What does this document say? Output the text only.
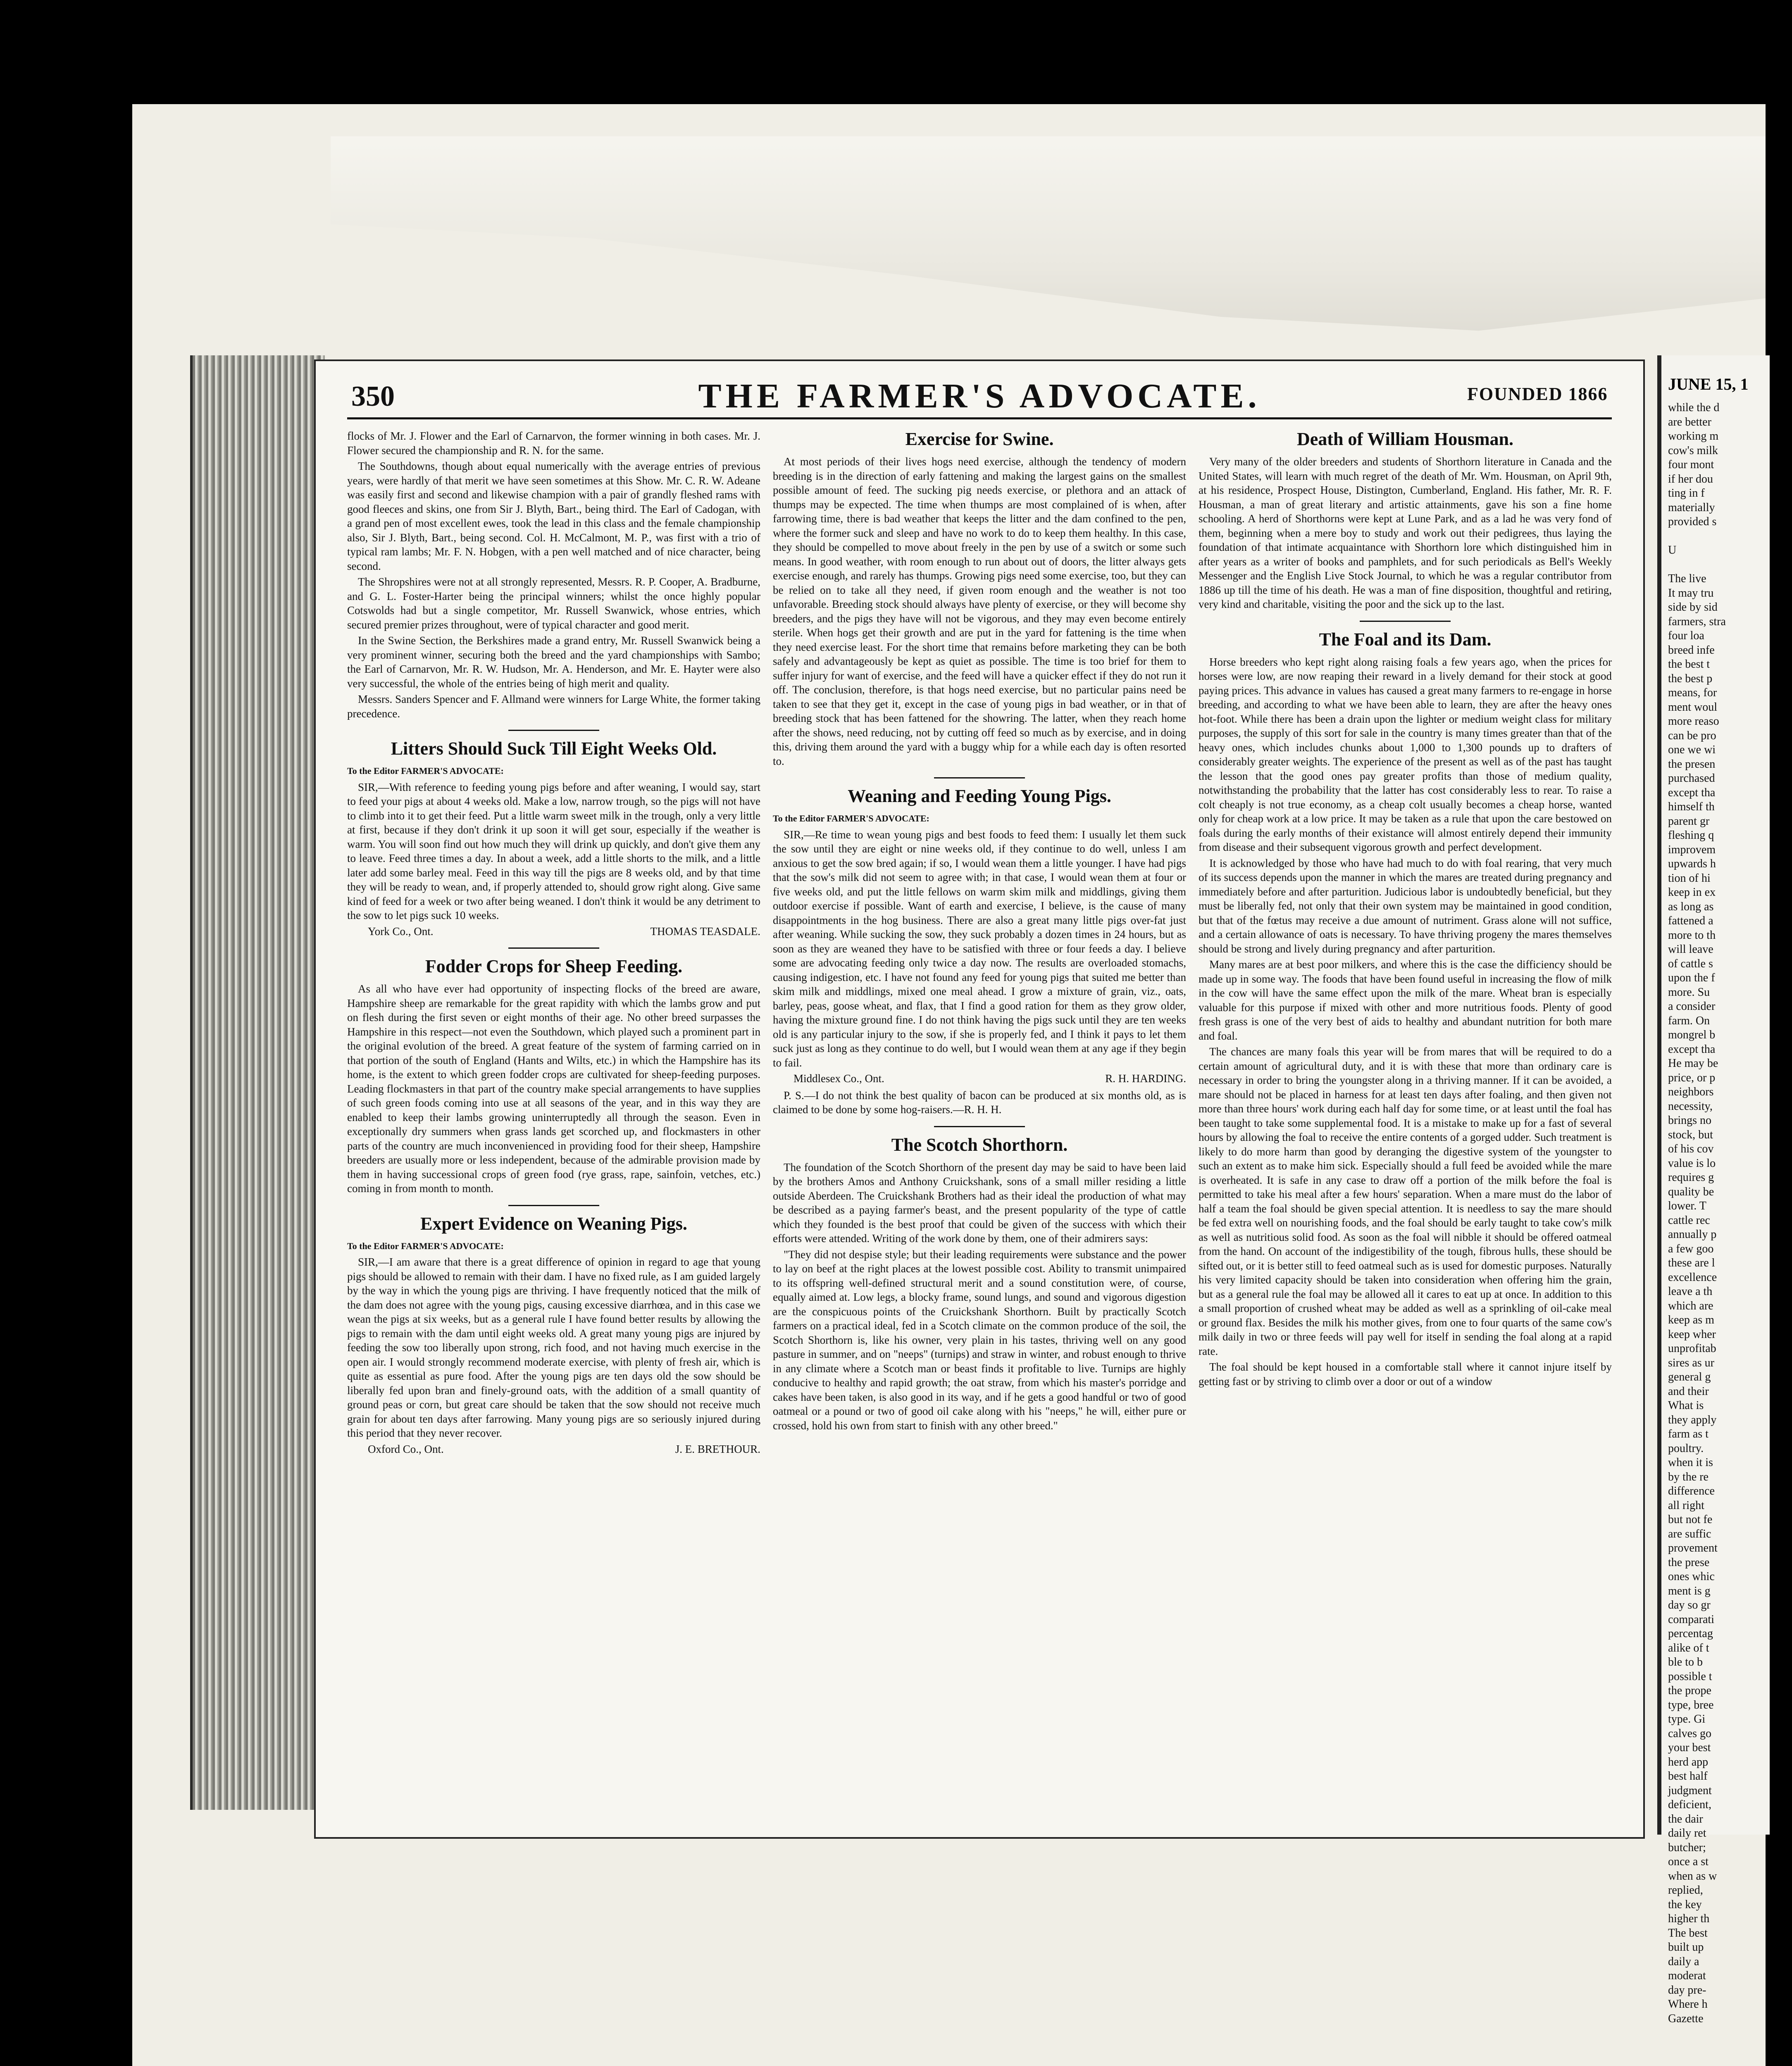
JUNE 15, 1
while the d
are better
working m
cow's milk
four mont
if her dou
ting in f
materially
provided s

U

The live
It may tru
side by sid
farmers, stra
four loa
breed infe
the best t
the best p
means, for
ment woul
more reaso
can be pro
one we wi
the presen
purchased
except tha
himself th
parent gr
fleshing q
improvem
upwards h
tion of hi
keep in ex
as long as
fattened a
more to th
will leave
of cattle s
upon the f
more. Su
a consider
farm. On
mongrel b
except tha
He may be
price, or p
neighbors
necessity,
brings no
stock, but
of his cov
value is lo
requires g
quality be
lower. T
cattle rec
annually p
a few goo
these are l
excellence
leave a th
which are
keep as m
keep wher
unprofitab
sires as ur
general g
and their
What is
they apply
farm as t
poultry.
when it is
by the re
difference
all right
but not fe
are suffic
provement
the prese
ones whic
ment is g
day so gr
comparati
percentag
alike of t
ble to b
possible t
the prope
type, bree
type. Gi
calves go
your best
herd app
best half
judgment
deficient,
the dair
daily ret
butcher;
once a st
when as w
replied,
the key
higher th
The best
built up
daily a
moderat
day pre-
Where h
Gazette
350	THE FARMER'S ADVOCATE.	FOUNDED 1866

flocks of Mr. J. Flower and the Earl of Carnarvon, the former winning in both cases. Mr. J. Flower secured the championship and R. N. for the same.

The Southdowns, though about equal numerically with the average entries of previous years, were hardly of that merit we have seen sometimes at this Show. Mr. C. R. W. Adeane was easily first and second and likewise champion with a pair of grandly fleshed rams with good fleeces and skins, one from Sir J. Blyth, Bart., being third. The Earl of Cadogan, with a grand pen of most excellent ewes, took the lead in this class and the female championship also, Sir J. Blyth, Bart., being second. Col. H. McCalmont, M. P., was first with a trio of typical ram lambs; Mr. F. N. Hobgen, with a pen well matched and of nice character, being second.

The Shropshires were not at all strongly represented, Messrs. R. P. Cooper, A. Bradburne, and G. L. Foster-Harter being the principal winners; whilst the once highly popular Cotswolds had but a single competitor, Mr. Russell Swanwick, whose entries, which secured premier prizes throughout, were of typical character and good merit.

In the Swine Section, the Berkshires made a grand entry, Mr. Russell Swanwick being a very prominent winner, securing both the breed and the yard championships with Sambo; the Earl of Carnarvon, Mr. R. W. Hudson, Mr. A. Henderson, and Mr. E. Hayter were also very successful, the whole of the entries being of high merit and quality.

Messrs. Sanders Spencer and F. Allmand were winners for Large White, the former taking precedence.

Litters Should Suck Till Eight Weeks Old.

To the Editor FARMER'S ADVOCATE:

SIR,—With reference to feeding young pigs before and after weaning, I would say, start to feed your pigs at about 4 weeks old. Make a low, narrow trough, so the pigs will not have to climb into it to get their feed. Put a little warm sweet milk in the trough, only a very little at first, because if they don't drink it up soon it will get sour, especially if the weather is warm. You will soon find out how much they will drink up quickly, and don't give them any to leave. Feed three times a day. In about a week, add a little shorts to the milk, and a little later add some barley meal. Feed in this way till the pigs are 8 weeks old, and by that time they will be ready to wean, and, if properly attended to, should grow right along. Give same kind of feed for a week or two after being weaned. I don't think it would be any detriment to the sow to let pigs suck 10 weeks.

York Co., Ont.	THOMAS TEASDALE.
Fodder Crops for Sheep Feeding.

As all who have ever had opportunity of inspecting flocks of the breed are aware, Hampshire sheep are remarkable for the great rapidity with which the lambs grow and put on flesh during the first seven or eight months of their age. No other breed surpasses the Hampshire in this respect—not even the Southdown, which played such a prominent part in the original evolution of the breed. A great feature of the system of farming carried on in that portion of the south of England (Hants and Wilts, etc.) in which the Hampshire has its home, is the extent to which green fodder crops are cultivated for sheep-feeding purposes. Leading flockmasters in that part of the country make special arrangements to have supplies of such green foods coming into use at all seasons of the year, and in this way they are enabled to keep their lambs growing uninterruptedly all through the season. Even in exceptionally dry summers when grass lands get scorched up, and flockmasters in other parts of the country are much inconvenienced in providing food for their sheep, Hampshire breeders are usually more or less independent, because of the admirable provision made by them in having successional crops of green food (rye grass, rape, sainfoin, vetches, etc.) coming in from month to month.

Expert Evidence on Weaning Pigs.

To the Editor FARMER'S ADVOCATE:

SIR,—I am aware that there is a great difference of opinion in regard to age that young pigs should be allowed to remain with their dam. I have no fixed rule, as I am guided largely by the way in which the young pigs are thriving. I have frequently noticed that the milk of the dam does not agree with the young pigs, causing excessive diarrhœa, and in this case we wean the pigs at six weeks, but as a general rule I have found better results by allowing the pigs to remain with the dam until eight weeks old. A great many young pigs are injured by feeding the sow too liberally upon strong, rich food, and not having much exercise in the open air. I would strongly recommend moderate exercise, with plenty of fresh air, which is quite as essential as pure food. After the young pigs are ten days old the sow should be liberally fed upon bran and finely-ground oats, with the addition of a small quantity of ground peas or corn, but great care should be taken that the sow should not receive much grain for about ten days after farrowing. Many young pigs are so seriously injured during this period that they never recover.

Oxford Co., Ont.	J. E. BRETHOUR.
Exercise for Swine.

At most periods of their lives hogs need exercise, although the tendency of modern breeding is in the direction of early fattening and making the largest gains on the smallest possible amount of feed. The sucking pig needs exercise, or plethora and an attack of thumps may be expected. The time when thumps are most complained of is when, after farrowing time, there is bad weather that keeps the litter and the dam confined to the pen, where the former suck and sleep and have no work to do to keep them healthy. In this case, they should be compelled to move about freely in the pen by use of a switch or some such means. In good weather, with room enough to run about out of doors, the litter always gets exercise enough, and rarely has thumps. Growing pigs need some exercise, too, but they can be relied on to take all they need, if given room enough and the weather is not too unfavorable. Breeding stock should always have plenty of exercise, or they will become shy breeders, and the pigs they have will not be vigorous, and they may even become entirely sterile. When hogs get their growth and are put in the yard for fattening is the time when they need exercise least. For the short time that remains before marketing they can be both safely and advantageously be kept as quiet as possible. The time is too brief for them to suffer injury for want of exercise, and the feed will have a quicker effect if they do not run it off. The conclusion, therefore, is that hogs need exercise, but no particular pains need be taken to see that they get it, except in the case of young pigs in bad weather, or in that of breeding stock that has been fattened for the showring. The latter, when they reach home after the shows, need reducing, not by cutting off feed so much as by exercise, and in doing this, driving them around the yard with a buggy whip for a while each day is often resorted to.

Weaning and Feeding Young Pigs.

To the Editor FARMER'S ADVOCATE:

SIR,—Re time to wean young pigs and best foods to feed them: I usually let them suck the sow until they are eight or nine weeks old, if they continue to do well, unless I am anxious to get the sow bred again; if so, I would wean them a little younger. I have had pigs that the sow's milk did not seem to agree with; in that case, I would wean them at four or five weeks old, and put the little fellows on warm skim milk and middlings, giving them outdoor exercise if possible. Want of earth and exercise, I believe, is the cause of many disappointments in the hog business. There are also a great many little pigs over-fat just after weaning. While sucking the sow, they suck probably a dozen times in 24 hours, but as soon as they are weaned they have to be satisfied with three or four feeds a day. I believe some are advocating feeding only twice a day now. The results are overloaded stomachs, causing indigestion, etc. I have not found any feed for young pigs that suited me better than skim milk and middlings, mixed one meal ahead. I grow a mixture of grain, viz., oats, barley, peas, goose wheat, and flax, that I find a good ration for them as they grow older, having the mixture ground fine. I do not think having the pigs suck until they are ten weeks old is any particular injury to the sow, if she is properly fed, and I think it pays to let them suck just as long as they continue to do well, but I would wean them at any age if they begin to fail.

Middlesex Co., Ont.	R. H. HARDING.

P. S.—I do not think the best quality of bacon can be produced at six months old, as is claimed to be done by some hog-raisers.—R. H. H.

The Scotch Shorthorn.

The foundation of the Scotch Shorthorn of the present day may be said to have been laid by the brothers Amos and Anthony Cruickshank, sons of a small miller residing a little outside Aberdeen. The Cruickshank Brothers had as their ideal the production of what may be described as a paying farmer's beast, and the present popularity of the type of cattle which they founded is the best proof that could be given of the success with which their efforts were attended. Writing of the work done by them, one of their admirers says:

"They did not despise style; but their leading requirements were substance and the power to lay on beef at the right places at the lowest possible cost. Ability to transmit unimpaired to its offspring well-defined structural merit and a sound constitution were, of course, equally aimed at. Low legs, a blocky frame, sound lungs, and sound and vigorous digestion are the conspicuous points of the Cruickshank Shorthorn. Built by practically Scotch farmers on a practical ideal, fed in a Scotch climate on the common produce of the soil, the Scotch Shorthorn is, like his owner, very plain in his tastes, thriving well on any good pasture in summer, and on "neeps" (turnips) and straw in winter, and robust enough to thrive in any climate where a Scotch man or beast finds it profitable to live. Turnips are highly conducive to healthy and rapid growth; the oat straw, from which his master's porridge and cakes have been taken, is also good in its way, and if he gets a good handful or two of good oatmeal or a pound or two of good oil cake along with his "neeps," he will, either pure or crossed, hold his own from start to finish with any other breed."

Death of William Housman.

Very many of the older breeders and students of Shorthorn literature in Canada and the United States, will learn with much regret of the death of Mr. Wm. Housman, on April 9th, at his residence, Prospect House, Distington, Cumberland, England. His father, Mr. R. F. Housman, a man of great literary and artistic attainments, gave his son a fine home schooling. A herd of Shorthorns were kept at Lune Park, and as a lad he was very fond of them, beginning when a mere boy to study and work out their pedigrees, thus laying the foundation of that intimate acquaintance with Shorthorn lore which distinguished him in after years as a writer of books and pamphlets, and for such periodicals as Bell's Weekly Messenger and the English Live Stock Journal, to which he was a regular contributor from 1886 up till the time of his death. He was a man of fine disposition, thoughtful and retiring, very kind and charitable, visiting the poor and the sick up to the last.

The Foal and its Dam.

Horse breeders who kept right along raising foals a few years ago, when the prices for horses were low, are now reaping their reward in a lively demand for their stock at good paying prices. This advance in values has caused a great many farmers to re-engage in horse breeding, and according to what we have been able to learn, they are after the heavy ones hot-foot. While there has been a drain upon the lighter or medium weight class for military purposes, the supply of this sort for sale in the country is many times greater than that of the heavy ones, which includes chunks about 1,000 to 1,300 pounds up to drafters of considerably greater weights. The experience of the present as well as of the past has taught the lesson that the good ones pay greater profits than those of medium quality, notwithstanding the probability that the latter has cost considerably less to rear. To raise a colt cheaply is not true economy, as a cheap colt usually becomes a cheap horse, wanted only for cheap work at a low price. It may be taken as a rule that upon the care bestowed on foals during the early months of their existance will almost entirely depend their immunity from disease and their subsequent vigorous growth and perfect development.

It is acknowledged by those who have had much to do with foal rearing, that very much of its success depends upon the manner in which the mares are treated during pregnancy and immediately before and after parturition. Judicious labor is undoubtedly beneficial, but they must be liberally fed, not only that their own system may be maintained in good condition, but that of the fœtus may receive a due amount of nutriment. Grass alone will not suffice, and a certain allowance of oats is necessary. To have thriving progeny the mares themselves should be strong and lively during pregnancy and after parturition.

Many mares are at best poor milkers, and where this is the case the difficiency should be made up in some way. The foods that have been found useful in increasing the flow of milk in the cow will have the same effect upon the milk of the mare. Wheat bran is especially valuable for this purpose if mixed with other and more nutritious foods. Plenty of good fresh grass is one of the very best of aids to healthy and abundant nutrition for both mare and foal.

The chances are many foals this year will be from mares that will be required to do a certain amount of agricultural duty, and it is with these that more than ordinary care is necessary in order to bring the youngster along in a thriving manner. If it can be avoided, a mare should not be placed in harness for at least ten days after foaling, and then given not more than three hours' work during each half day for some time, or at least until the foal has been taught to take some supplemental food. It is a mistake to make up for a fast of several hours by allowing the foal to receive the entire contents of a gorged udder. Such treatment is likely to do more harm than good by deranging the digestive system of the youngster to such an extent as to make him sick. Especially should a full feed be avoided while the mare is overheated. It is safe in any case to draw off a portion of the milk before the foal is permitted to take his meal after a few hours' separation. When a mare must do the labor of half a team the foal should be given special attention. It is needless to say the mare should be fed extra well on nourishing foods, and the foal should be early taught to take cow's milk as well as nutritious solid food. As soon as the foal will nibble it should be offered oatmeal from the hand. On account of the indigestibility of the tough, fibrous hulls, these should be sifted out, or it is better still to feed oatmeal such as is used for domestic purposes. Naturally his very limited capacity should be taken into consideration when offering him the grain, but as a general rule the foal may be allowed all it cares to eat up at once. In addition to this a small proportion of crushed wheat may be added as well as a sprinkling of oil-cake meal or ground flax. Besides the milk his mother gives, from one to four quarts of the same cow's milk daily in two or three feeds will pay well for itself in sending the foal along at a rapid rate.

The foal should be kept housed in a comfortable stall where it cannot injure itself by getting fast or by striving to climb over a door or out of a window
